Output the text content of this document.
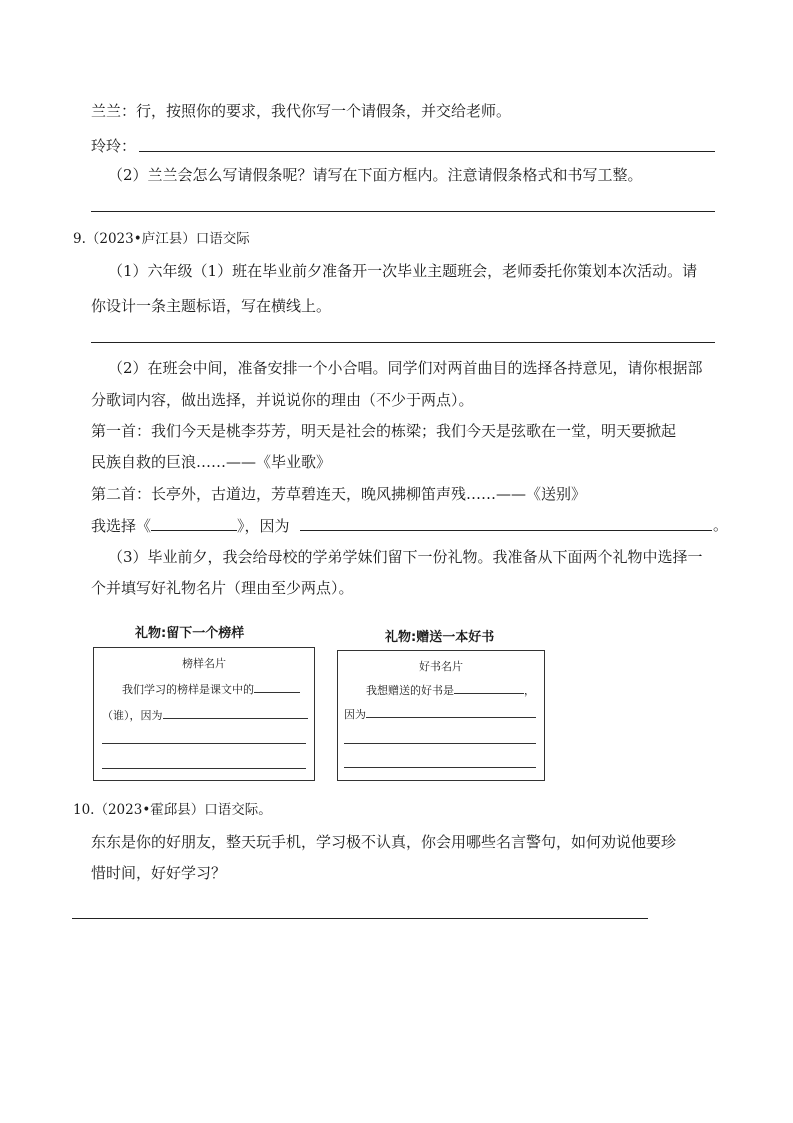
兰兰：行，按照你的要求，我代你写一个请假条，并交给老师。
玲玲：
（2）兰兰会怎么写请假条呢？请写在下面方框内。注意请假条格式和书写工整。
9.（2023•庐江县）口语交际
（1）六年级（1）班在毕业前夕准备开一次毕业主题班会，老师委托你策划本次活动。请
你设计一条主题标语，写在横线上。
（2）在班会中间，准备安排一个小合唱。同学们对两首曲目的选择各持意见，请你根据部
分歌词内容，做出选择，并说说你的理由（不少于两点）。
第一首：我们今天是桃李芬芳，明天是社会的栋梁；我们今天是弦歌在一堂，明天要掀起
民族自救的巨浪……——《毕业歌》
第二首：长亭外，古道边，芳草碧连天，晚风拂柳笛声残……——《送别》
我选择《	》，因为	。
（3）毕业前夕，我会给母校的学弟学妹们留下一份礼物。我准备从下面两个礼物中选择一
个并填写好礼物名片（理由至少两点）。
礼物:留下一个榜样
榜样名片
我们学习的榜样是课文中的
（谁），因为
礼物:赠送一本好书
好书名片
我想赠送的好书是	，
因为
10.（2023•霍邱县）口语交际。
东东是你的好朋友，整天玩手机，学习极不认真，你会用哪些名言警句，如何劝说他要珍
惜时间，好好学习？
